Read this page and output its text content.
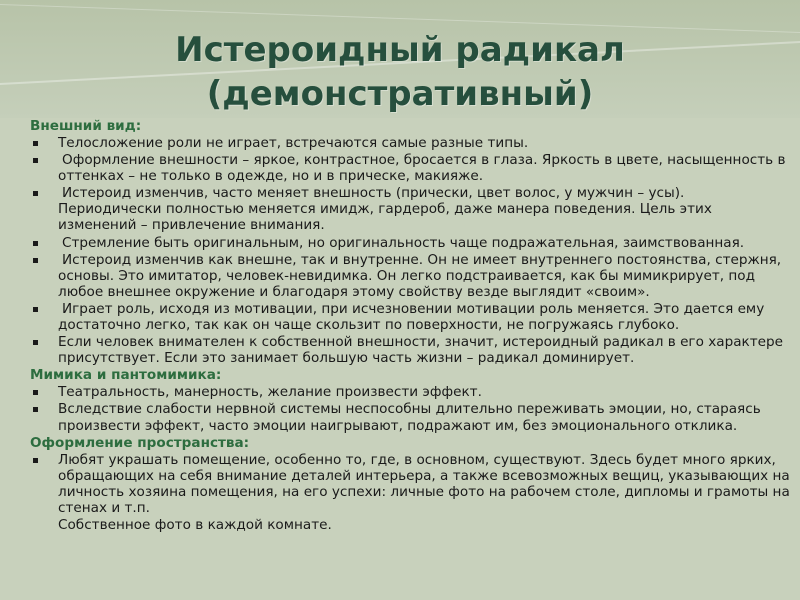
Истероидный радикал
(демонстративный)
Внешний вид:
Телосложение роли не играет, встречаются самые разные типы.
Оформление внешности – яркое, контрастное, бросается в глаза. Яркость в цвете, насыщенность в оттенках – не только в одежде, но и в прическе, макияже.
Истероид изменчив, часто меняет внешность (прически, цвет волос, у мужчин – усы). Периодически полностью меняется имидж, гардероб, даже манера поведения. Цель этих изменений – привлечение внимания.
Стремление быть оригинальным, но оригинальность чаще подражательная, заимствованная.
Истероид изменчив как внешне, так и внутренне. Он не имеет внутреннего постоянства, стержня, основы. Это имитатор, человек-невидимка. Он легко подстраивается, как бы мимикрирует, под любое внешнее окружение и благодаря этому свойству везде выглядит «своим».
Играет роль, исходя из мотивации, при исчезновении мотивации роль меняется. Это дается ему достаточно легко, так как он чаще скользит по поверхности, не погружаясь глубоко.
Если человек внимателен к собственной внешности, значит, истероидный радикал в его характере присутствует. Если это занимает большую часть жизни – радикал доминирует.
Мимика и пантомимика:
Театральность, манерность, желание произвести эффект.
Вследствие слабости нервной системы неспособны длительно переживать эмоции, но, стараясь произвести эффект, часто эмоции наигрывают, подражают им, без эмоционального отклика.
Оформление пространства:
Любят украшать помещение, особенно то, где, в основном, существуют. Здесь будет много ярких, обращающих на себя внимание деталей интерьера, а также всевозможных вещиц, указывающих на личность хозяина помещения, на его успехи: личные фото на рабочем столе, дипломы и грамоты на стенах и т.п.
Собственное фото в каждой комнате.
